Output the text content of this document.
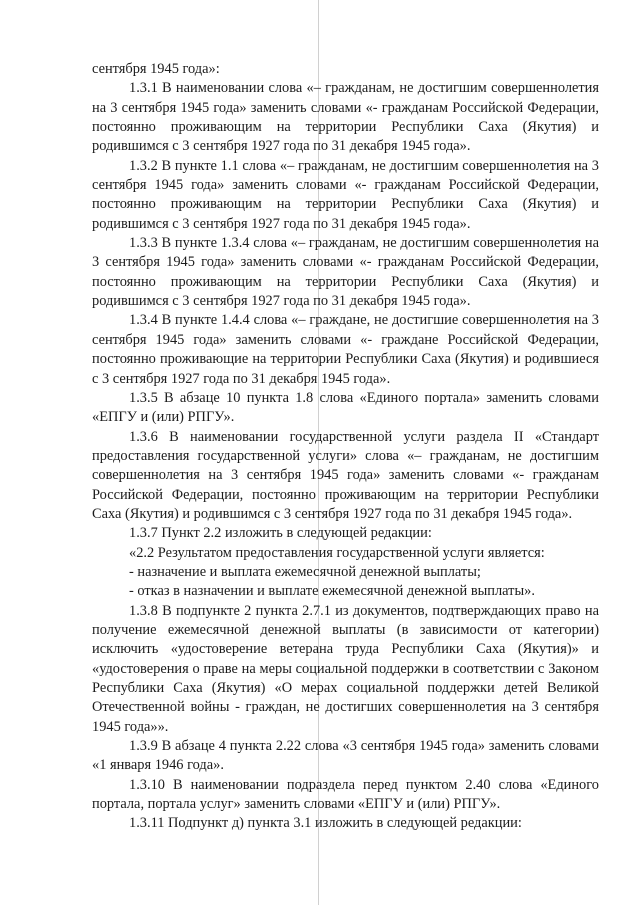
сентября 1945 года»:

1.3.1 В наименовании слова «– гражданам, не достигшим совершеннолетия на 3 сентября 1945 года» заменить словами «- гражданам Российской Федерации, постоянно проживающим на территории Республики Саха (Якутия) и родившимся с 3 сентября 1927 года по 31 декабря 1945 года».

1.3.2 В пункте 1.1 слова «– гражданам, не достигшим совершеннолетия на 3 сентября 1945 года» заменить словами «- гражданам Российской Федерации, постоянно проживающим на территории Республики Саха (Якутия) и родившимся с 3 сентября 1927 года по 31 декабря 1945 года».

1.3.3 В пункте 1.3.4 слова «– гражданам, не достигшим совершеннолетия на 3 сентября 1945 года» заменить словами «- гражданам Российской Федерации, постоянно проживающим на территории Республики Саха (Якутия) и родившимся с 3 сентября 1927 года по 31 декабря 1945 года».

1.3.4 В пункте 1.4.4 слова «– граждане, не достигшие совершеннолетия на 3 сентября 1945 года» заменить словами «- граждане Российской Федерации, постоянно проживающие на территории Республики Саха (Якутия) и родившиеся с 3 сентября 1927 года по 31 декабря 1945 года».

1.3.5 В абзаце 10 пункта 1.8 слова «Единого портала» заменить словами «ЕПГУ и (или) РПГУ».

1.3.6 В наименовании государственной услуги раздела II «Стандарт предоставления государственной услуги» слова «– гражданам, не достигшим совершеннолетия на 3 сентября 1945 года» заменить словами «- гражданам Российской Федерации, постоянно проживающим на территории Республики Саха (Якутия) и родившимся с 3 сентября 1927 года по 31 декабря 1945 года».

1.3.7 Пункт 2.2 изложить в следующей редакции:

«2.2 Результатом предоставления государственной услуги является:

- назначение и выплата ежемесячной денежной выплаты;

- отказ в назначении и выплате ежемесячной денежной выплаты».

1.3.8 В подпункте 2 пункта 2.7.1 из документов, подтверждающих право на получение ежемесячной денежной выплаты (в зависимости от категории) исключить «удостоверение ветерана труда Республики Саха (Якутия)» и «удостоверения о праве на меры социальной поддержки в соответствии с Законом Республики Саха (Якутия) «О мерах социальной поддержки детей Великой Отечественной войны - граждан, не достигших совершеннолетия на 3 сентября 1945 года»».

1.3.9 В абзаце 4 пункта 2.22 слова «3 сентября 1945 года» заменить словами «1 января 1946 года».

1.3.10 В наименовании подраздела перед пунктом 2.40 слова «Единого портала, портала услуг» заменить словами «ЕПГУ и (или) РПГУ».

1.3.11 Подпункт д) пункта 3.1 изложить в следующей редакции:
